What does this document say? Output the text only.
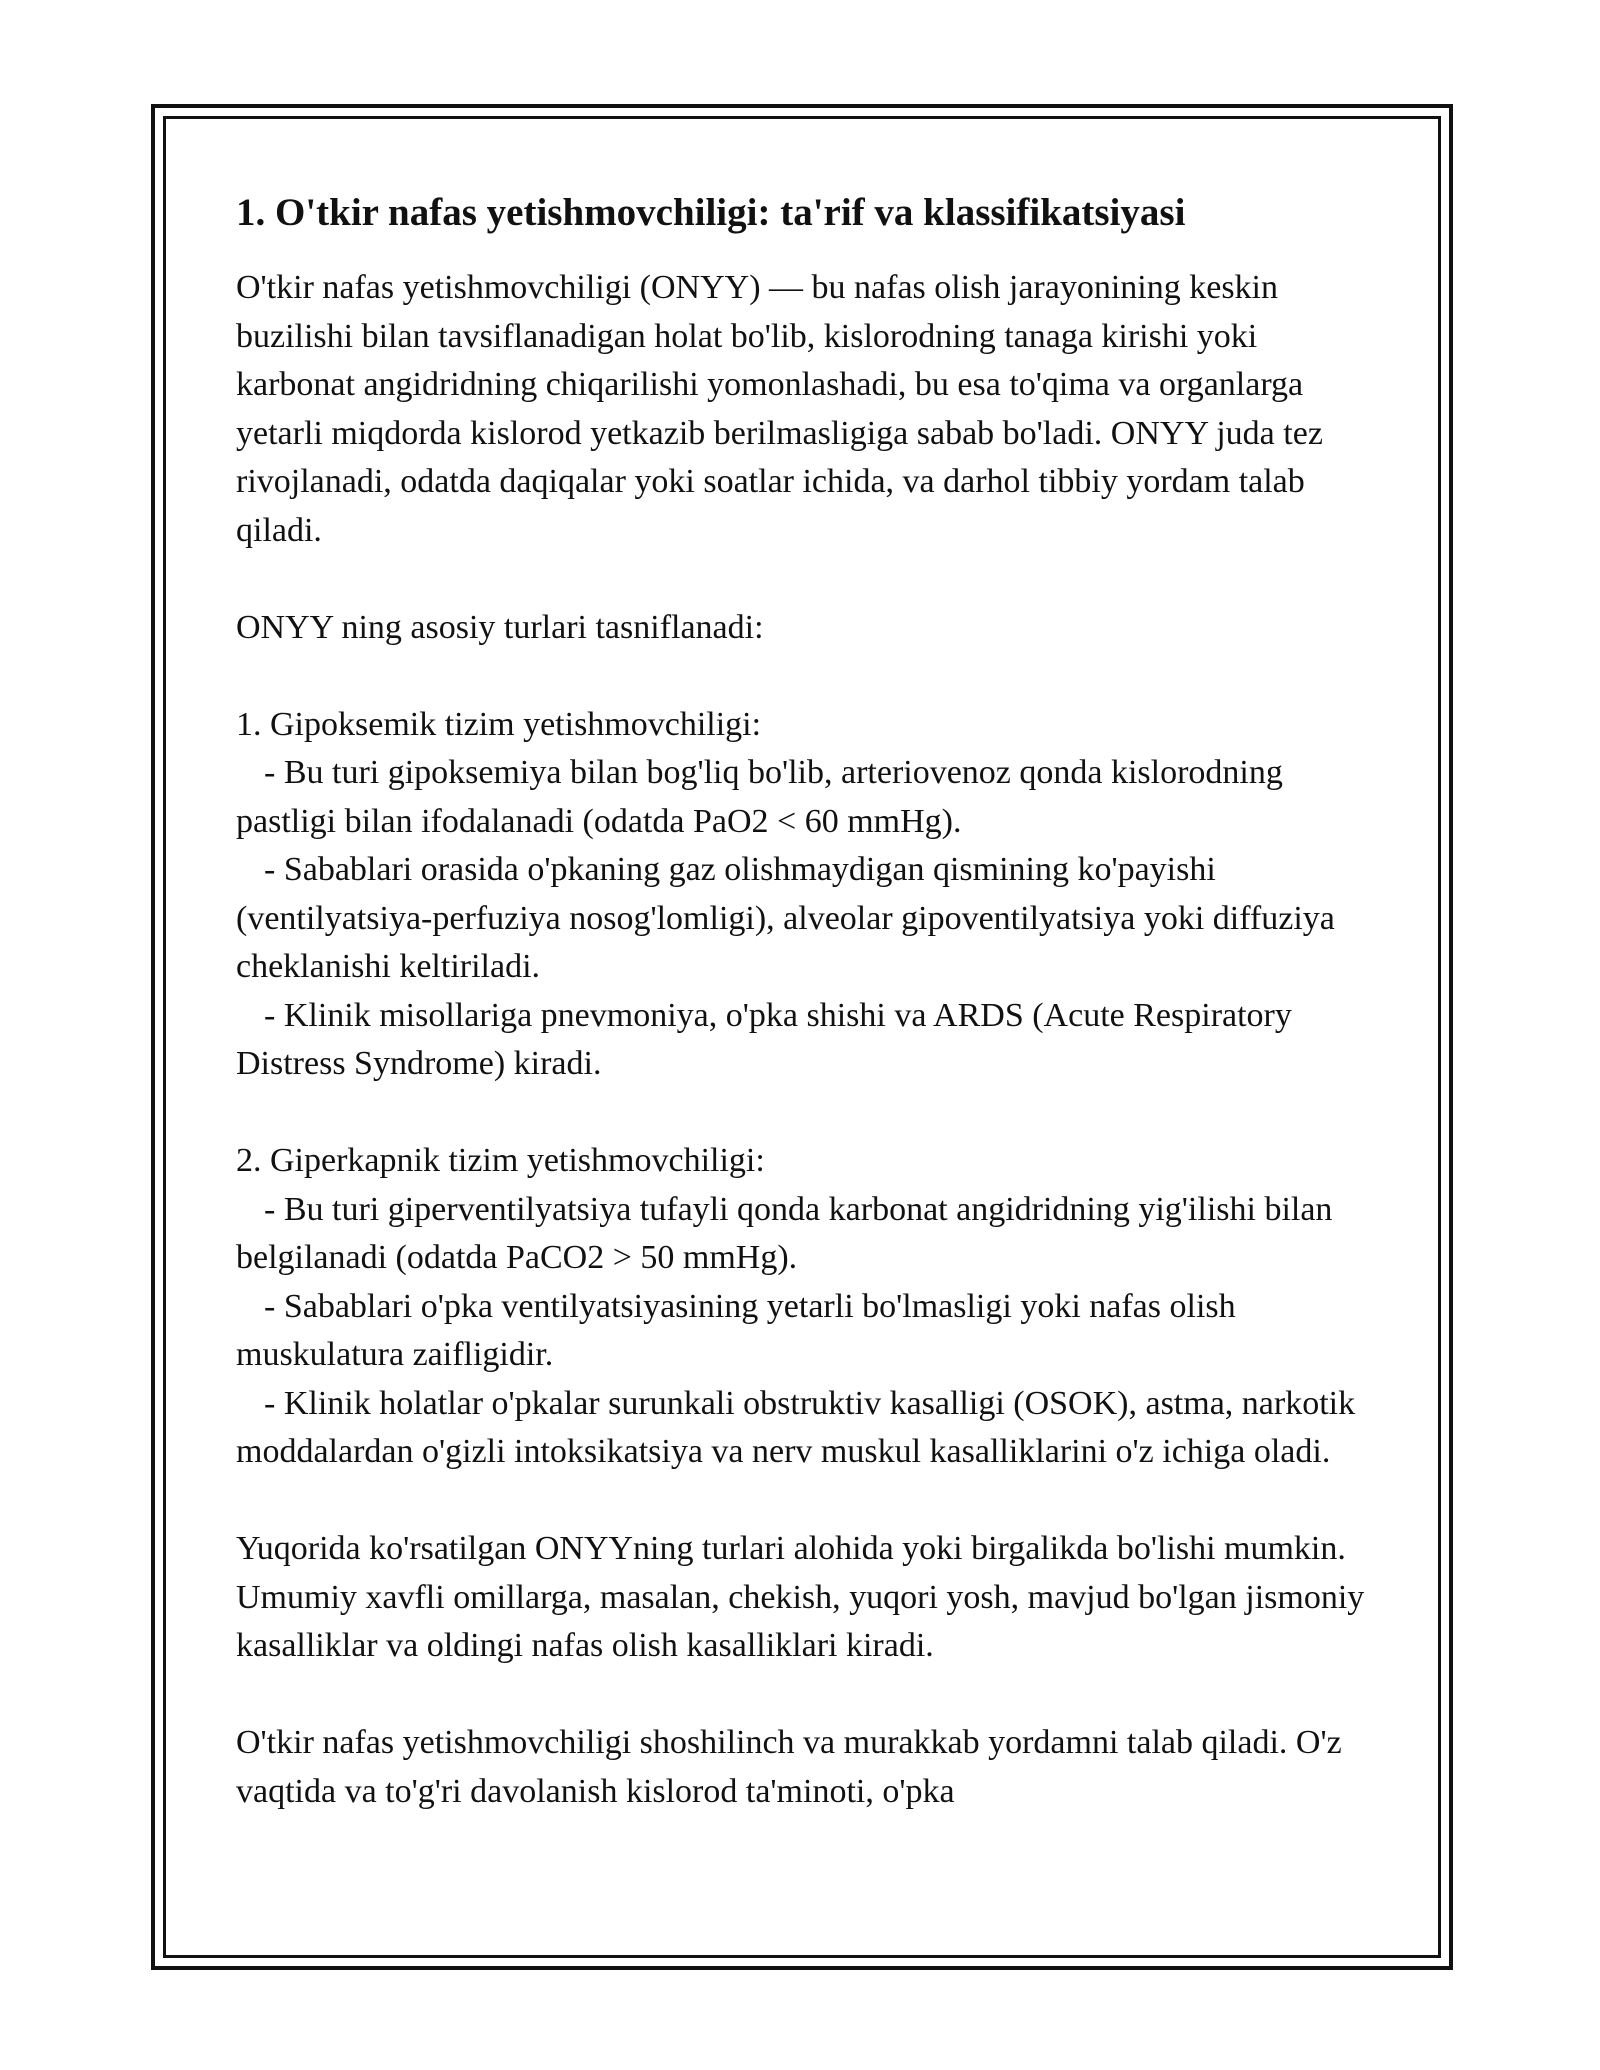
1. O'tkir nafas yetishmovchiligi: ta'rif va klassifikatsiyasi

O'tkir nafas yetishmovchiligi (ONYY) — bu nafas olish jarayonining keskin buzilishi bilan tavsiflanadigan holat bo'lib, kislorodning tanaga kirishi yoki karbonat angidridning chiqarilishi yomonlashadi, bu esa to'qima va organlarga yetarli miqdorda kislorod yetkazib berilmasligiga sabab bo'ladi. ONYY juda tez rivojlanadi, odatda daqiqalar yoki soatlar ichida, va darhol tibbiy yordam talab qiladi.

ONYY ning asosiy turlari tasniflanadi:

1. Gipoksemik tizim yetishmovchiligi:

- Bu turi gipoksemiya bilan bog'liq bo'lib, arteriovenoz qonda kislorodning pastligi bilan ifodalanadi (odatda PaO2 < 60 mmHg).

- Sabablari orasida o'pkaning gaz olishmaydigan qismining ko'payishi (ventilyatsiya-perfuziya nosog'lomligi), alveolar gipoventilyatsiya yoki diffuziya cheklanishi keltiriladi.

- Klinik misollariga pnevmoniya, o'pka shishi va ARDS (Acute Respiratory Distress Syndrome) kiradi.

2. Giperkapnik tizim yetishmovchiligi:

- Bu turi giperventilyatsiya tufayli qonda karbonat angidridning yig'ilishi bilan belgilanadi (odatda PaCO2 > 50 mmHg).

- Sabablari o'pka ventilyatsiyasining yetarli bo'lmasligi yoki nafas olish muskulatura zaifligidir.

- Klinik holatlar o'pkalar surunkali obstruktiv kasalligi (OSOK), astma, narkotik moddalardan o'gizli intoksikatsiya va nerv muskul kasalliklarini o'z ichiga oladi.

Yuqorida ko'rsatilgan ONYYning turlari alohida yoki birgalikda bo'lishi mumkin. Umumiy xavfli omillarga, masalan, chekish, yuqori yosh, mavjud bo'lgan jismoniy kasalliklar va oldingi nafas olish kasalliklari kiradi.

O'tkir nafas yetishmovchiligi shoshilinch va murakkab yordamni talab qiladi. O'z vaqtida va to'g'ri davolanish kislorod ta'minoti, o'pka
